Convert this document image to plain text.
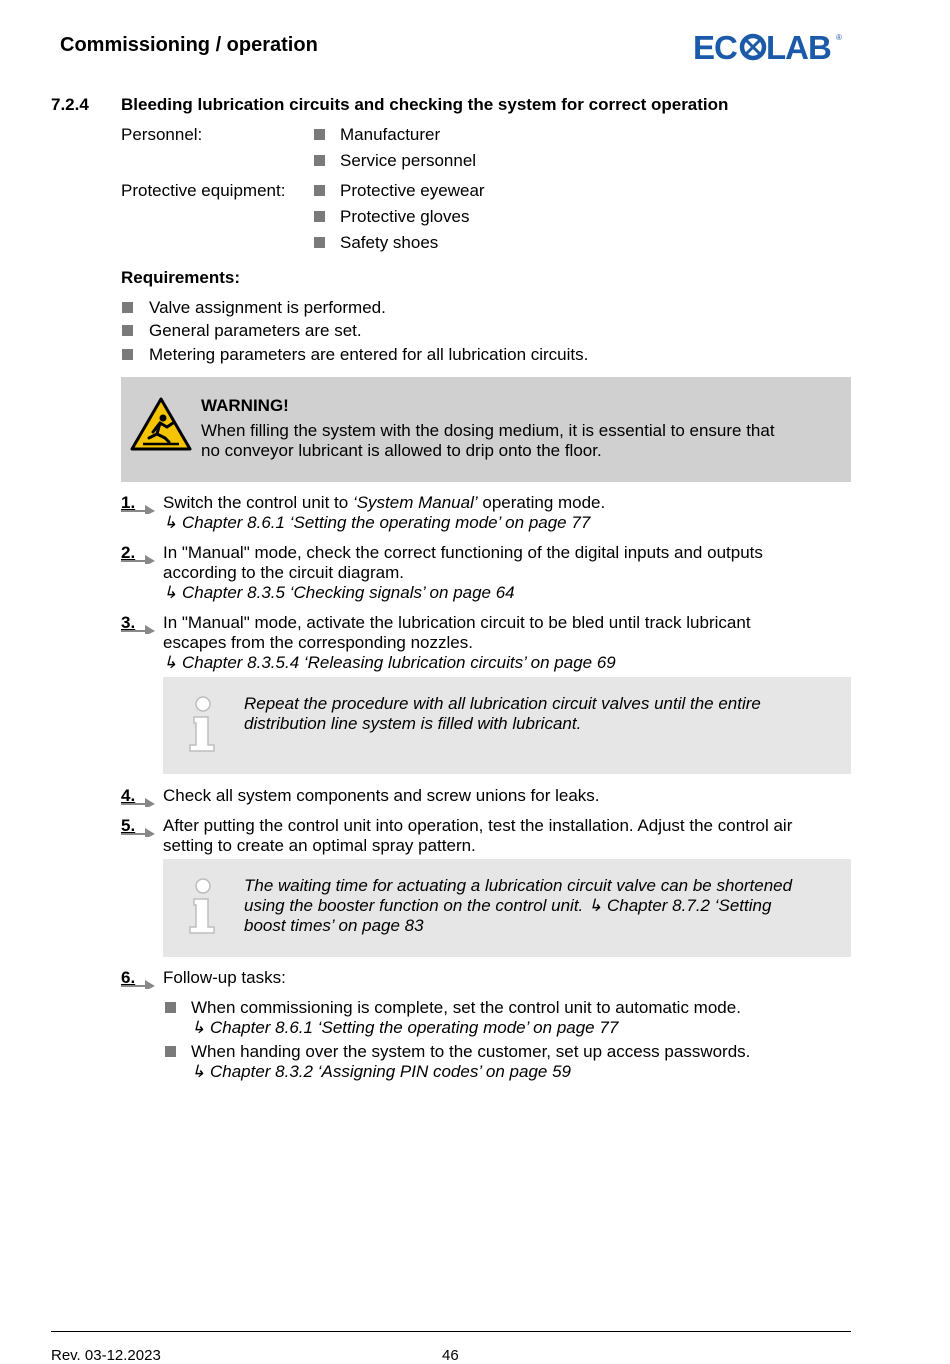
Commissioning / operation	EC LAB ®
7.2.4 Bleeding lubrication circuits and checking the system for correct operation
Personnel:	Manufacturer
Service personnel
Protective equipment:	Protective eyewear
Protective gloves
Safety shoes
Requirements:
Valve assignment is performed.
General parameters are set.
Metering parameters are entered for all lubrication circuits.
WARNING!
When filling the system with the dosing medium, it is essential to ensure that
no conveyor lubricant is allowed to drip onto the floor.
1. Switch the control unit to ‘System Manual’ operating mode.
↳ Chapter 8.6.1 ‘Setting the operating mode’ on page 77
2. In "Manual" mode, check the correct functioning of the digital inputs and outputs
according to the circuit diagram.
↳ Chapter 8.3.5 ‘Checking signals’ on page 64
3. In "Manual" mode, activate the lubrication circuit to be bled until track lubricant
escapes from the corresponding nozzles.
↳ Chapter 8.3.5.4 ‘Releasing lubrication circuits’ on page 69
Repeat the procedure with all lubrication circuit valves until the entire
distribution line system is filled with lubricant.
4. Check all system components and screw unions for leaks.
5. After putting the control unit into operation, test the installation. Adjust the control air
setting to create an optimal spray pattern.
The waiting time for actuating a lubrication circuit valve can be shortened
using the booster function on the control unit. ↳ Chapter 8.7.2 ‘Setting
boost times’ on page 83
6. Follow-up tasks:
When commissioning is complete, set the control unit to automatic mode.
↳ Chapter 8.6.1 ‘Setting the operating mode’ on page 77
When handing over the system to the customer, set up access passwords.
↳ Chapter 8.3.2 ‘Assigning PIN codes’ on page 59
Rev. 03-12.2023	46
